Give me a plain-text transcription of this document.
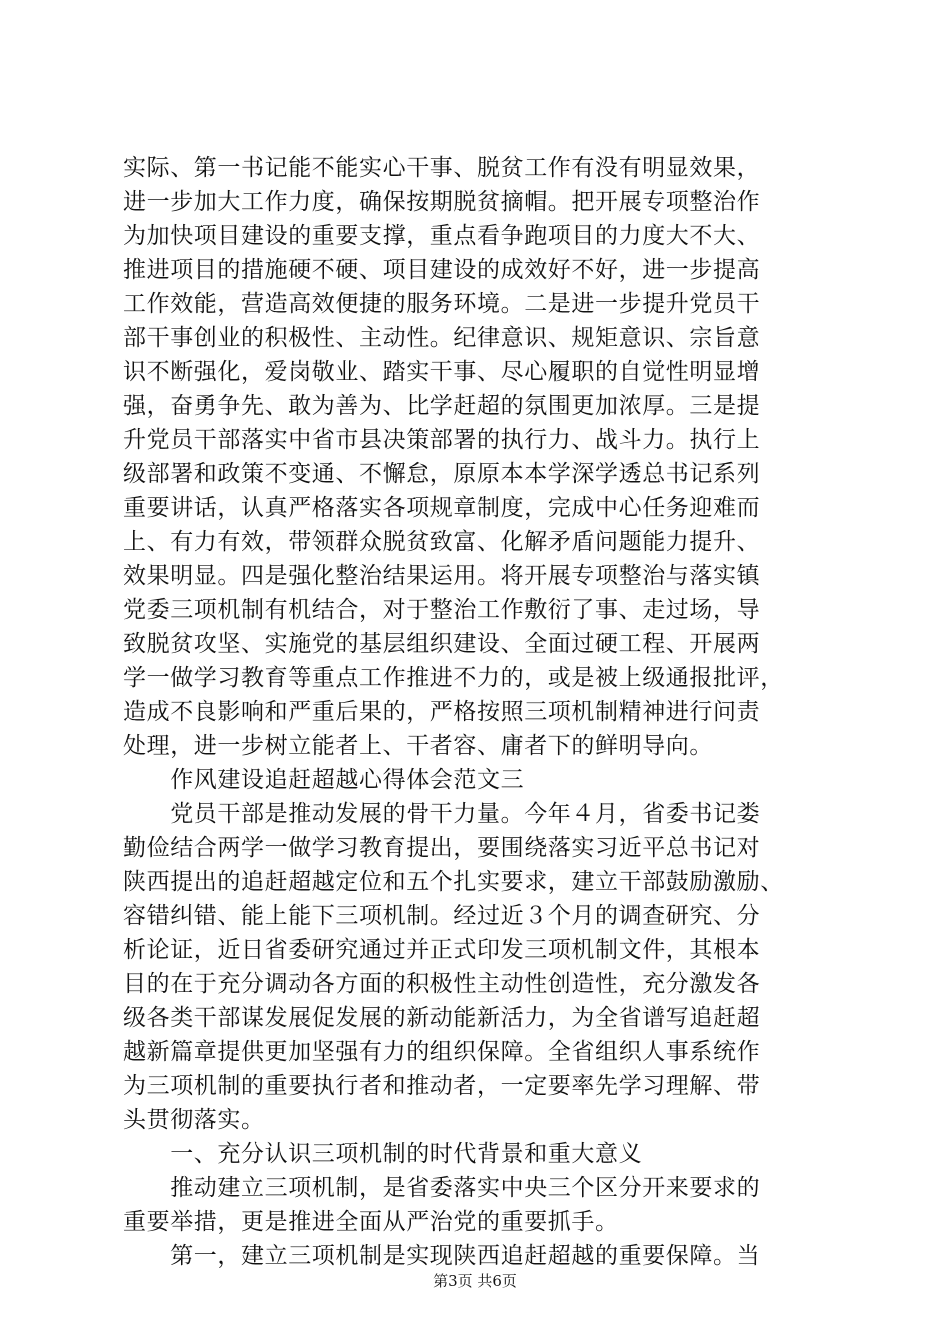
实际、第一书记能不能实心干事、脱贫工作有没有明显效果，
进一步加大工作力度，确保按期脱贫摘帽。把开展专项整治作
为加快项目建设的重要支撑，重点看争跑项目的力度大不大、
推进项目的措施硬不硬、项目建设的成效好不好，进一步提高
工作效能，营造高效便捷的服务环境。二是进一步提升党员干
部干事创业的积极性、主动性。纪律意识、规矩意识、宗旨意
识不断强化，爱岗敬业、踏实干事、尽心履职的自觉性明显增
强，奋勇争先、敢为善为、比学赶超的氛围更加浓厚。三是提
升党员干部落实中省市县决策部署的执行力、战斗力。执行上
级部署和政策不变通、不懈怠，原原本本学深学透总书记系列
重要讲话，认真严格落实各项规章制度，完成中心任务迎难而
上、有力有效，带领群众脱贫致富、化解矛盾问题能力提升、
效果明显。四是强化整治结果运用。将开展专项整治与落实镇
党委三项机制有机结合，对于整治工作敷衍了事、走过场，导
致脱贫攻坚、实施党的基层组织建设、全面过硬工程、开展两
学一做学习教育等重点工作推进不力的，或是被上级通报批评，
造成不良影响和严重后果的，严格按照三项机制精神进行问责
处理，进一步树立能者上、干者容、庸者下的鲜明导向。
　　作风建设追赶超越心得体会范文三
　　党员干部是推动发展的骨干力量。今年４月，省委书记娄
勤俭结合两学一做学习教育提出，要围绕落实习近平总书记对
陕西提出的追赶超越定位和五个扎实要求，建立干部鼓励激励、
容错纠错、能上能下三项机制。经过近３个月的调查研究、分
析论证，近日省委研究通过并正式印发三项机制文件，其根本
目的在于充分调动各方面的积极性主动性创造性，充分激发各
级各类干部谋发展促发展的新动能新活力，为全省谱写追赶超
越新篇章提供更加坚强有力的组织保障。全省组织人事系统作
为三项机制的重要执行者和推动者，一定要率先学习理解、带
头贯彻落实。
　　一、充分认识三项机制的时代背景和重大意义
　　推动建立三项机制，是省委落实中央三个区分开来要求的
重要举措，更是推进全面从严治党的重要抓手。
　　第一，建立三项机制是实现陕西追赶超越的重要保障。当
第3页 共6页
